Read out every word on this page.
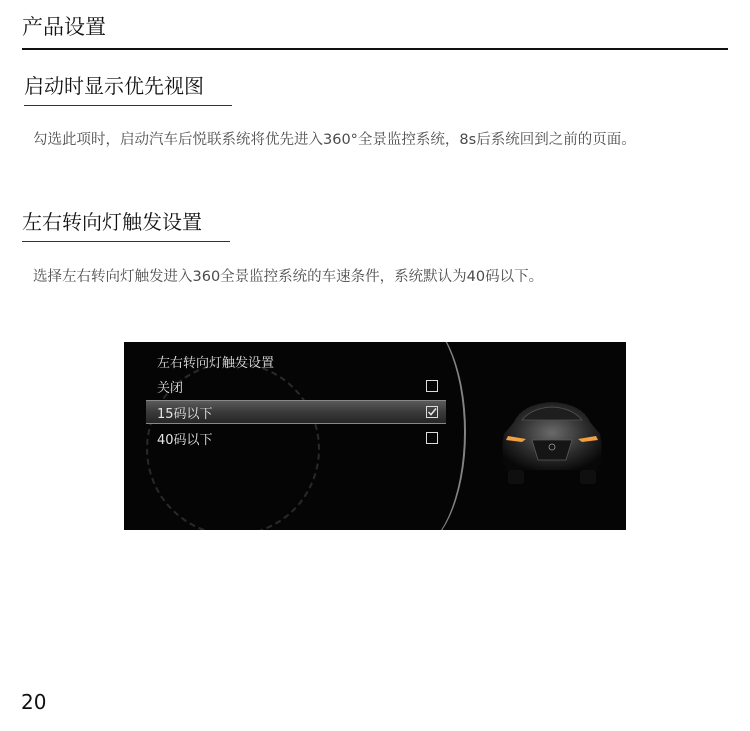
产品设置
启动时显示优先视图

勾选此项时，启动汽车后悦联系统将优先进入360°全景监控系统，8s后系统回到之前的页面。

左右转向灯触发设置

选择左右转向灯触发进入360全景监控系统的车速条件，系统默认为40码以下。

左右转向灯触发设置
关闭
15码以下
40码以下
20
